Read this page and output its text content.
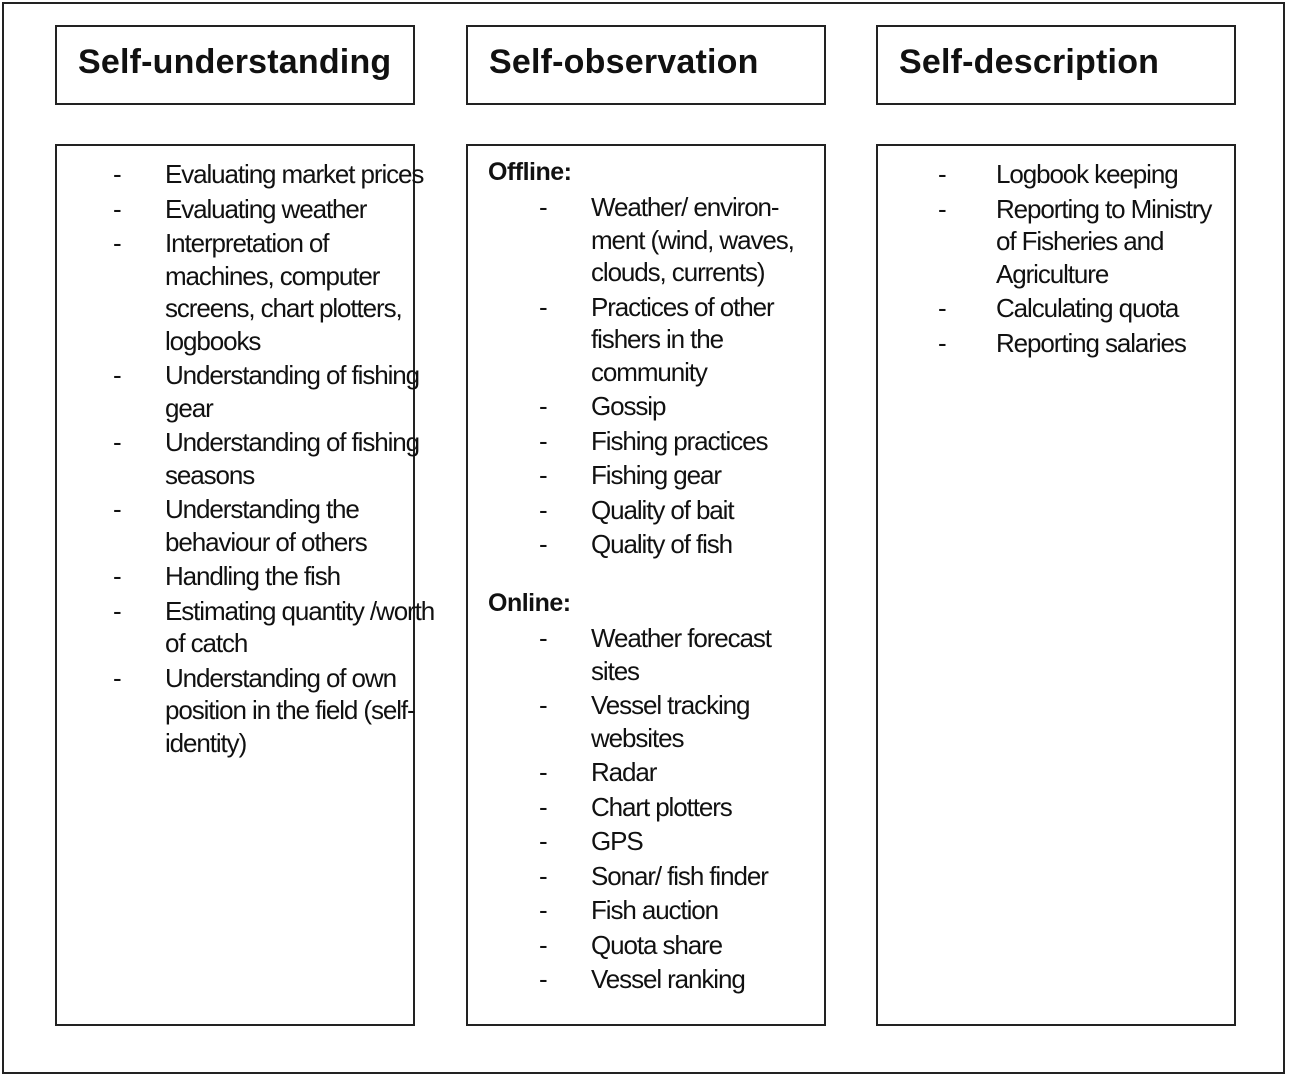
Self-understanding	Self-observation	Self-description
- Evaluating market prices
- Evaluating weather
- Interpretation of machines, computer screens, chart plotters, logbooks
- Understanding of fishing gear
- Understanding of fishing seasons
- Understanding the behaviour of others
- Handling the fish
- Estimating quantity /worth of catch
- Understanding of own position in the field (self-identity)
Offline:
- Weather/ environ-ment (wind, waves, clouds, currents)
- Practices of other fishers in the community
- Gossip
- Fishing practices
- Fishing gear
- Quality of bait
- Quality of fish
Online:
- Weather forecast sites
- Vessel tracking websites
- Radar
- Chart plotters
- GPS
- Sonar/ fish finder
- Fish auction
- Quota share
- Vessel ranking
- Logbook keeping
- Reporting to Ministry of Fisheries and Agriculture
- Calculating quota
- Reporting salaries
